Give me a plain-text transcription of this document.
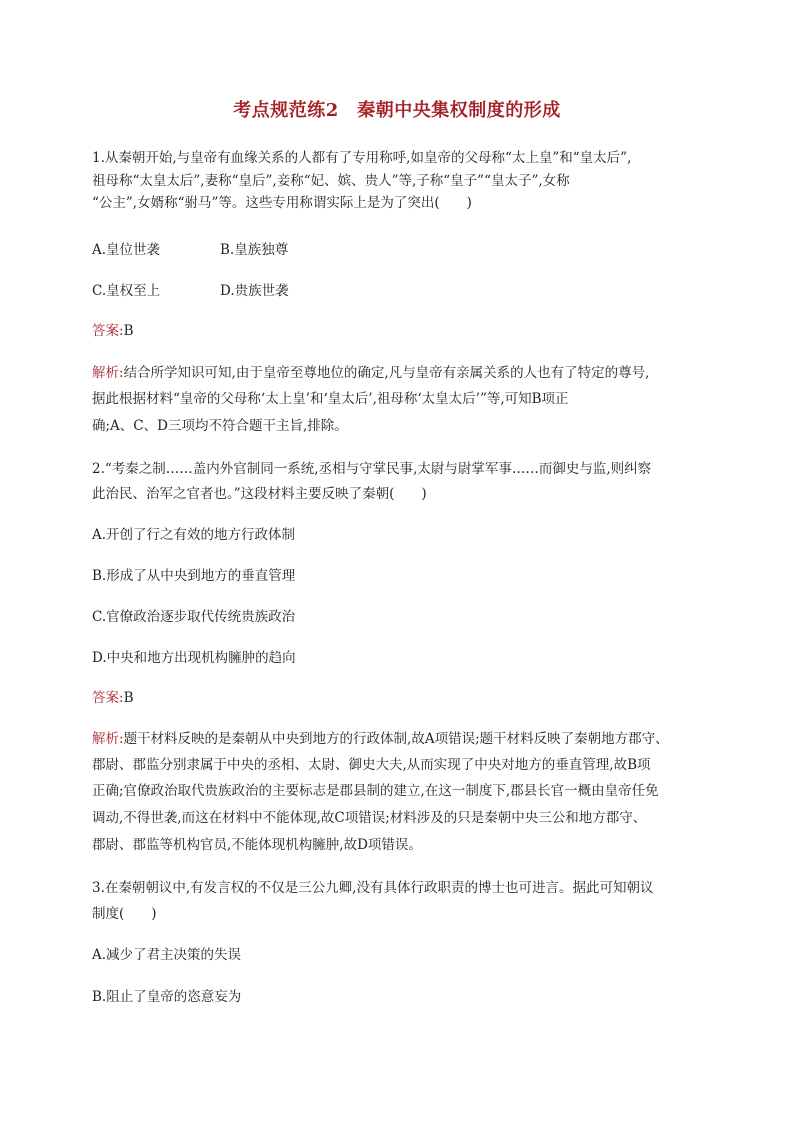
考点规范练2　秦朝中央集权制度的形成
1.从秦朝开始,与皇帝有血缘关系的人都有了专用称呼,如皇帝的父母称“太上皇”和“皇太后”,
祖母称“太皇太后”,妻称“皇后”,妾称“妃、嫔、贵人”等,子称“皇子”“皇太子”,女称
“公主”,女婿称“驸马”等。这些专用称谓实际上是为了突出(　　)
A.皇位世袭	B.皇族独尊
C.皇权至上	D.贵族世袭
答案:B
解析:结合所学知识可知,由于皇帝至尊地位的确定,凡与皇帝有亲属关系的人也有了特定的尊号,
据此根据材料“皇帝的父母称‘太上皇’和‘皇太后’,祖母称‘太皇太后’”等,可知B项正
确;A、C、D三项均不符合题干主旨,排除。
2.“考秦之制……盖内外官制同一系统,丞相与守掌民事,太尉与尉掌军事……而御史与监,则纠察
此治民、治军之官者也。”这段材料主要反映了秦朝(　　)
A.开创了行之有效的地方行政体制
B.形成了从中央到地方的垂直管理
C.官僚政治逐步取代传统贵族政治
D.中央和地方出现机构臃肿的趋向
答案:B
解析:题干材料反映的是秦朝从中央到地方的行政体制,故A项错误;题干材料反映了秦朝地方郡守、
郡尉、郡监分别隶属于中央的丞相、太尉、御史大夫,从而实现了中央对地方的垂直管理,故B项
正确;官僚政治取代贵族政治的主要标志是郡县制的建立,在这一制度下,郡县长官一概由皇帝任免
调动,不得世袭,而这在材料中不能体现,故C项错误;材料涉及的只是秦朝中央三公和地方郡守、
郡尉、郡监等机构官员,不能体现机构臃肿,故D项错误。
3.在秦朝朝议中,有发言权的不仅是三公九卿,没有具体行政职责的博士也可进言。据此可知朝议
制度(　　)
A.减少了君主决策的失误
B.阻止了皇帝的恣意妄为
